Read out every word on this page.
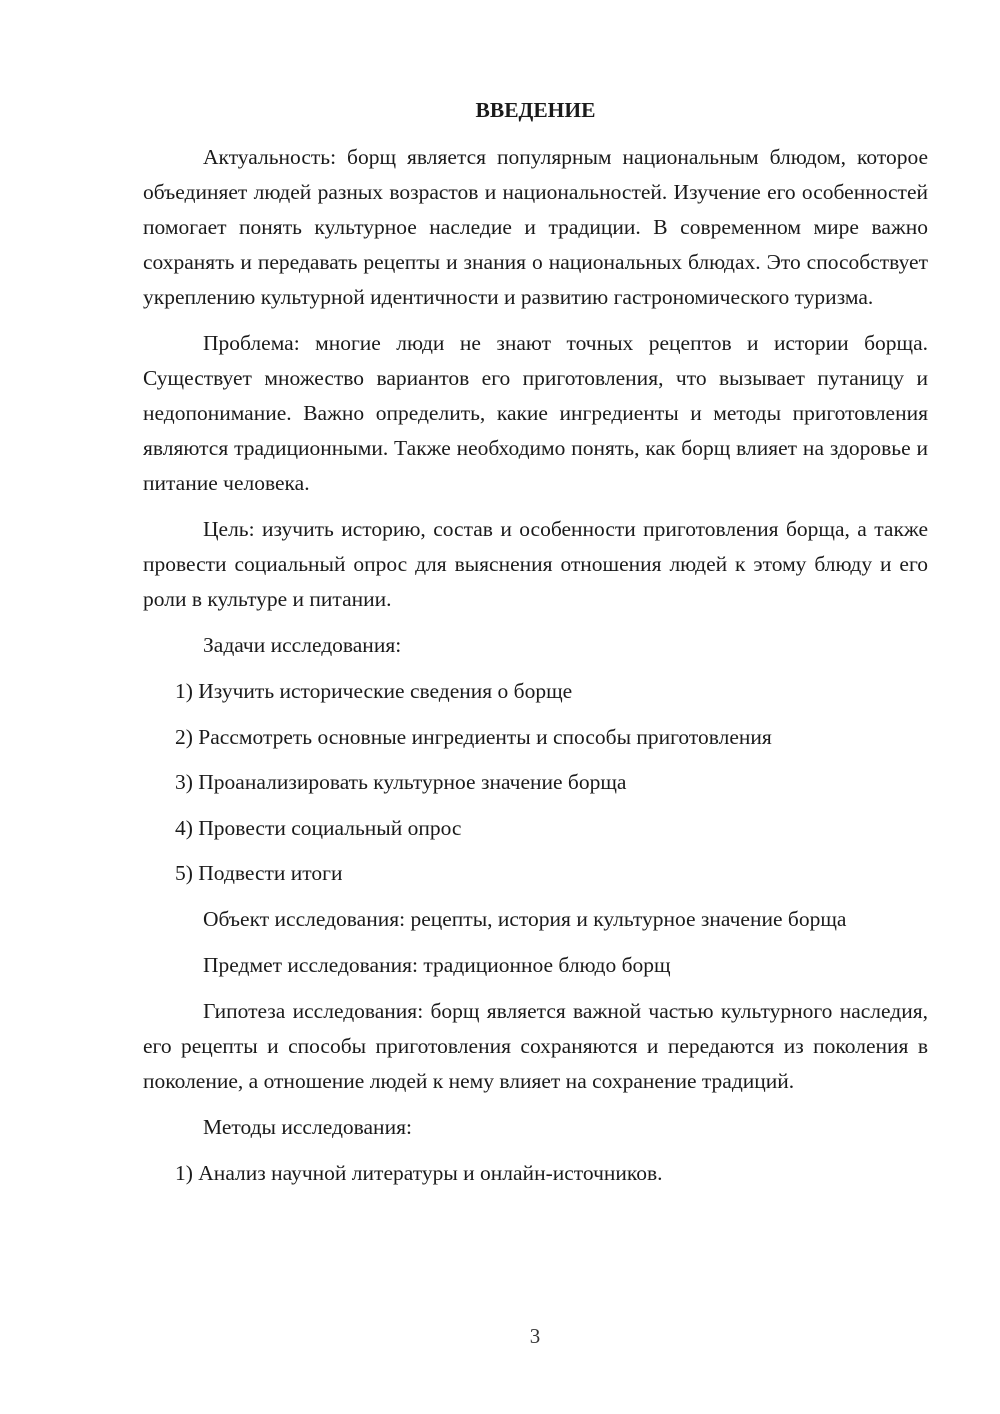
ВВЕДЕНИЕ

Актуальность: борщ является популярным национальным блюдом, которое объединяет людей разных возрастов и национальностей. Изучение его особенностей помогает понять культурное наследие и традиции. В современном мире важно сохранять и передавать рецепты и знания о национальных блюдах. Это способствует укреплению культурной идентичности и развитию гастрономического туризма.

Проблема: многие люди не знают точных рецептов и истории борща. Существует множество вариантов его приготовления, что вызывает путаницу и недопонимание. Важно определить, какие ингредиенты и методы приготовления являются традиционными. Также необходимо понять, как борщ влияет на здоровье и питание человека.

Цель: изучить историю, состав и особенности приготовления борща, а также провести социальный опрос для выяснения отношения людей к этому блюду и его роли в культуре и питании.

Задачи исследования:

1) Изучить исторические сведения о борще
2) Рассмотреть основные ингредиенты и способы приготовления
3) Проанализировать культурное значение борща
4) Провести социальный опрос
5) Подвести итоги

Объект исследования: рецепты, история и культурное значение борща

Предмет исследования: традиционное блюдо борщ

Гипотеза исследования: борщ является важной частью культурного наследия, его рецепты и способы приготовления сохраняются и передаются из поколения в поколение, а отношение людей к нему влияет на сохранение традиций.

Методы исследования:

1) Анализ научной литературы и онлайн-источников.
3
